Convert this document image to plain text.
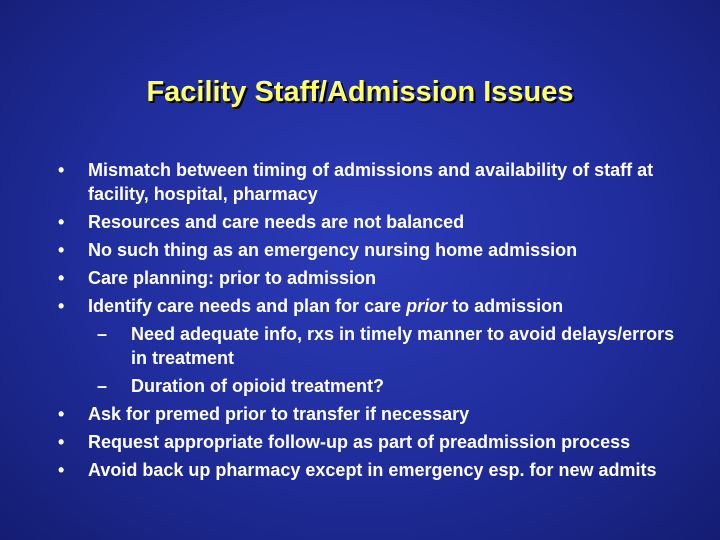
Facility Staff/Admission Issues
•	Mismatch between timing of admissions and availability of staff at facility, hospital, pharmacy
•	Resources and care needs are not balanced
•	No such thing as an emergency nursing home admission
•	Care planning: prior to admission
•	Identify care needs and plan for care prior to admission
–	Need adequate info, rxs in timely manner to avoid delays/errors in treatment
–	Duration of opioid treatment?
•	Ask for premed prior to transfer if necessary
•	Request appropriate follow-up as part of preadmission process
•	Avoid back up pharmacy except in emergency esp. for new admits
